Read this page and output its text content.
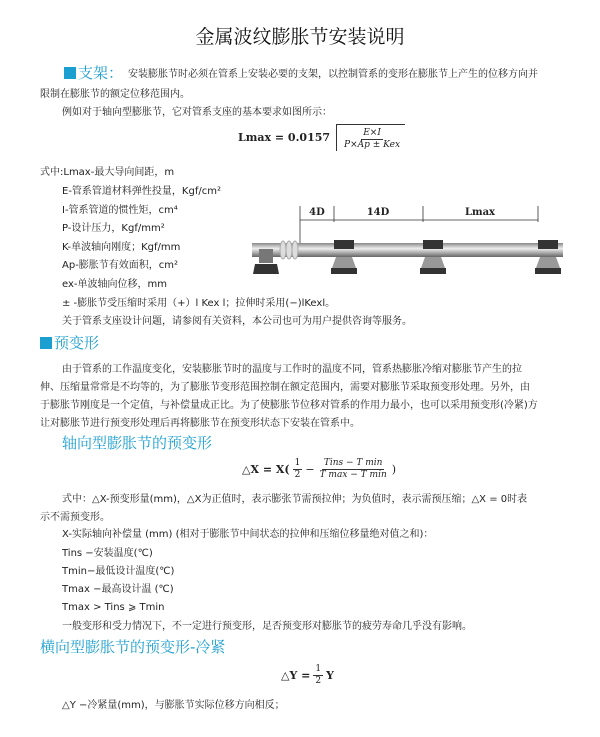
金属波纹膨胀节安装说明
支架： 安装膨胀节时必须在管系上安装必要的支架，以控制管系的变形在膨胀节上产生的位移方向并
限制在膨胀节的额定位移范围内。
例如对于轴向型膨胀节，它对管系支座的基本要求如图所示：
$Lmax = 0.0157 \frac{E\times I}{\text{P×Ap ± Kex}}$
式中:Lmax-最大导向间距，m
E-管系管道材料弹性投量，Kgf/cm²
I-管系管道的惯性矩，cm⁴
P-设计压力，Kgf/mm²
K-单波轴向刚度；Kgf/mm
Ap-膨胀节有效面积，cm²
ex-单波轴向位移，mm
± -膨胀节受压缩时采用（+）l Kex l；拉伸时采用(−)lKexl。
关于管系支座设计问题，请参阅有关资料，本公司也可为用户提供咨询等服务。
4D	14D	Lmax
预变形
由于管系的工作温度变化，安装膨胀节时的温度与工作时的温度不同，管系热膨胀冷缩对膨胀节产生的拉
伸、压缩量常常是不均等的，为了膨胀节变形范围控制在额定范围内，需要对膨胀节采取预变形处理。另外，由
于膨胀节刚度是一个定值，与补偿量成正比。为了使膨胀节位移对管系的作用力最小，也可以采用预变形(冷紧)方
让对膨胀节进行预变形处理后再将膨胀节在预变形状态下安装在管系中。
轴向型膨胀节的预变形
△X = $X( \frac{1}{2} - \frac{\text{Tins − T min}}{\text{T max − T min}}$ )
式中：△X-预变形量(mm)，△X为正值时，表示膨张节需预拉伸；为负值时，表示需预压缩；△X = 0时表
示不需预变形。
X-实际轴向补偿量 (mm) (相对于膨胀节中间状态的拉伸和压缩位移量绝对值之和)：
Tins −安装温度(℃)
Tmin−最低设计温度(℃)
Tmax −最高设计温 (℃)
Tmax > Tins ⩾ Tmin
一般变形和受力情况下，不一定进行预变形，足否预变形对膨胀节的疲劳寿命几乎没有影响。
横向型膨胀节的预变形-冷紧
△Y = $\frac{1}{2}$ Y
△Y −冷紧量(mm)，与膨胀节实际位移方向相反；
